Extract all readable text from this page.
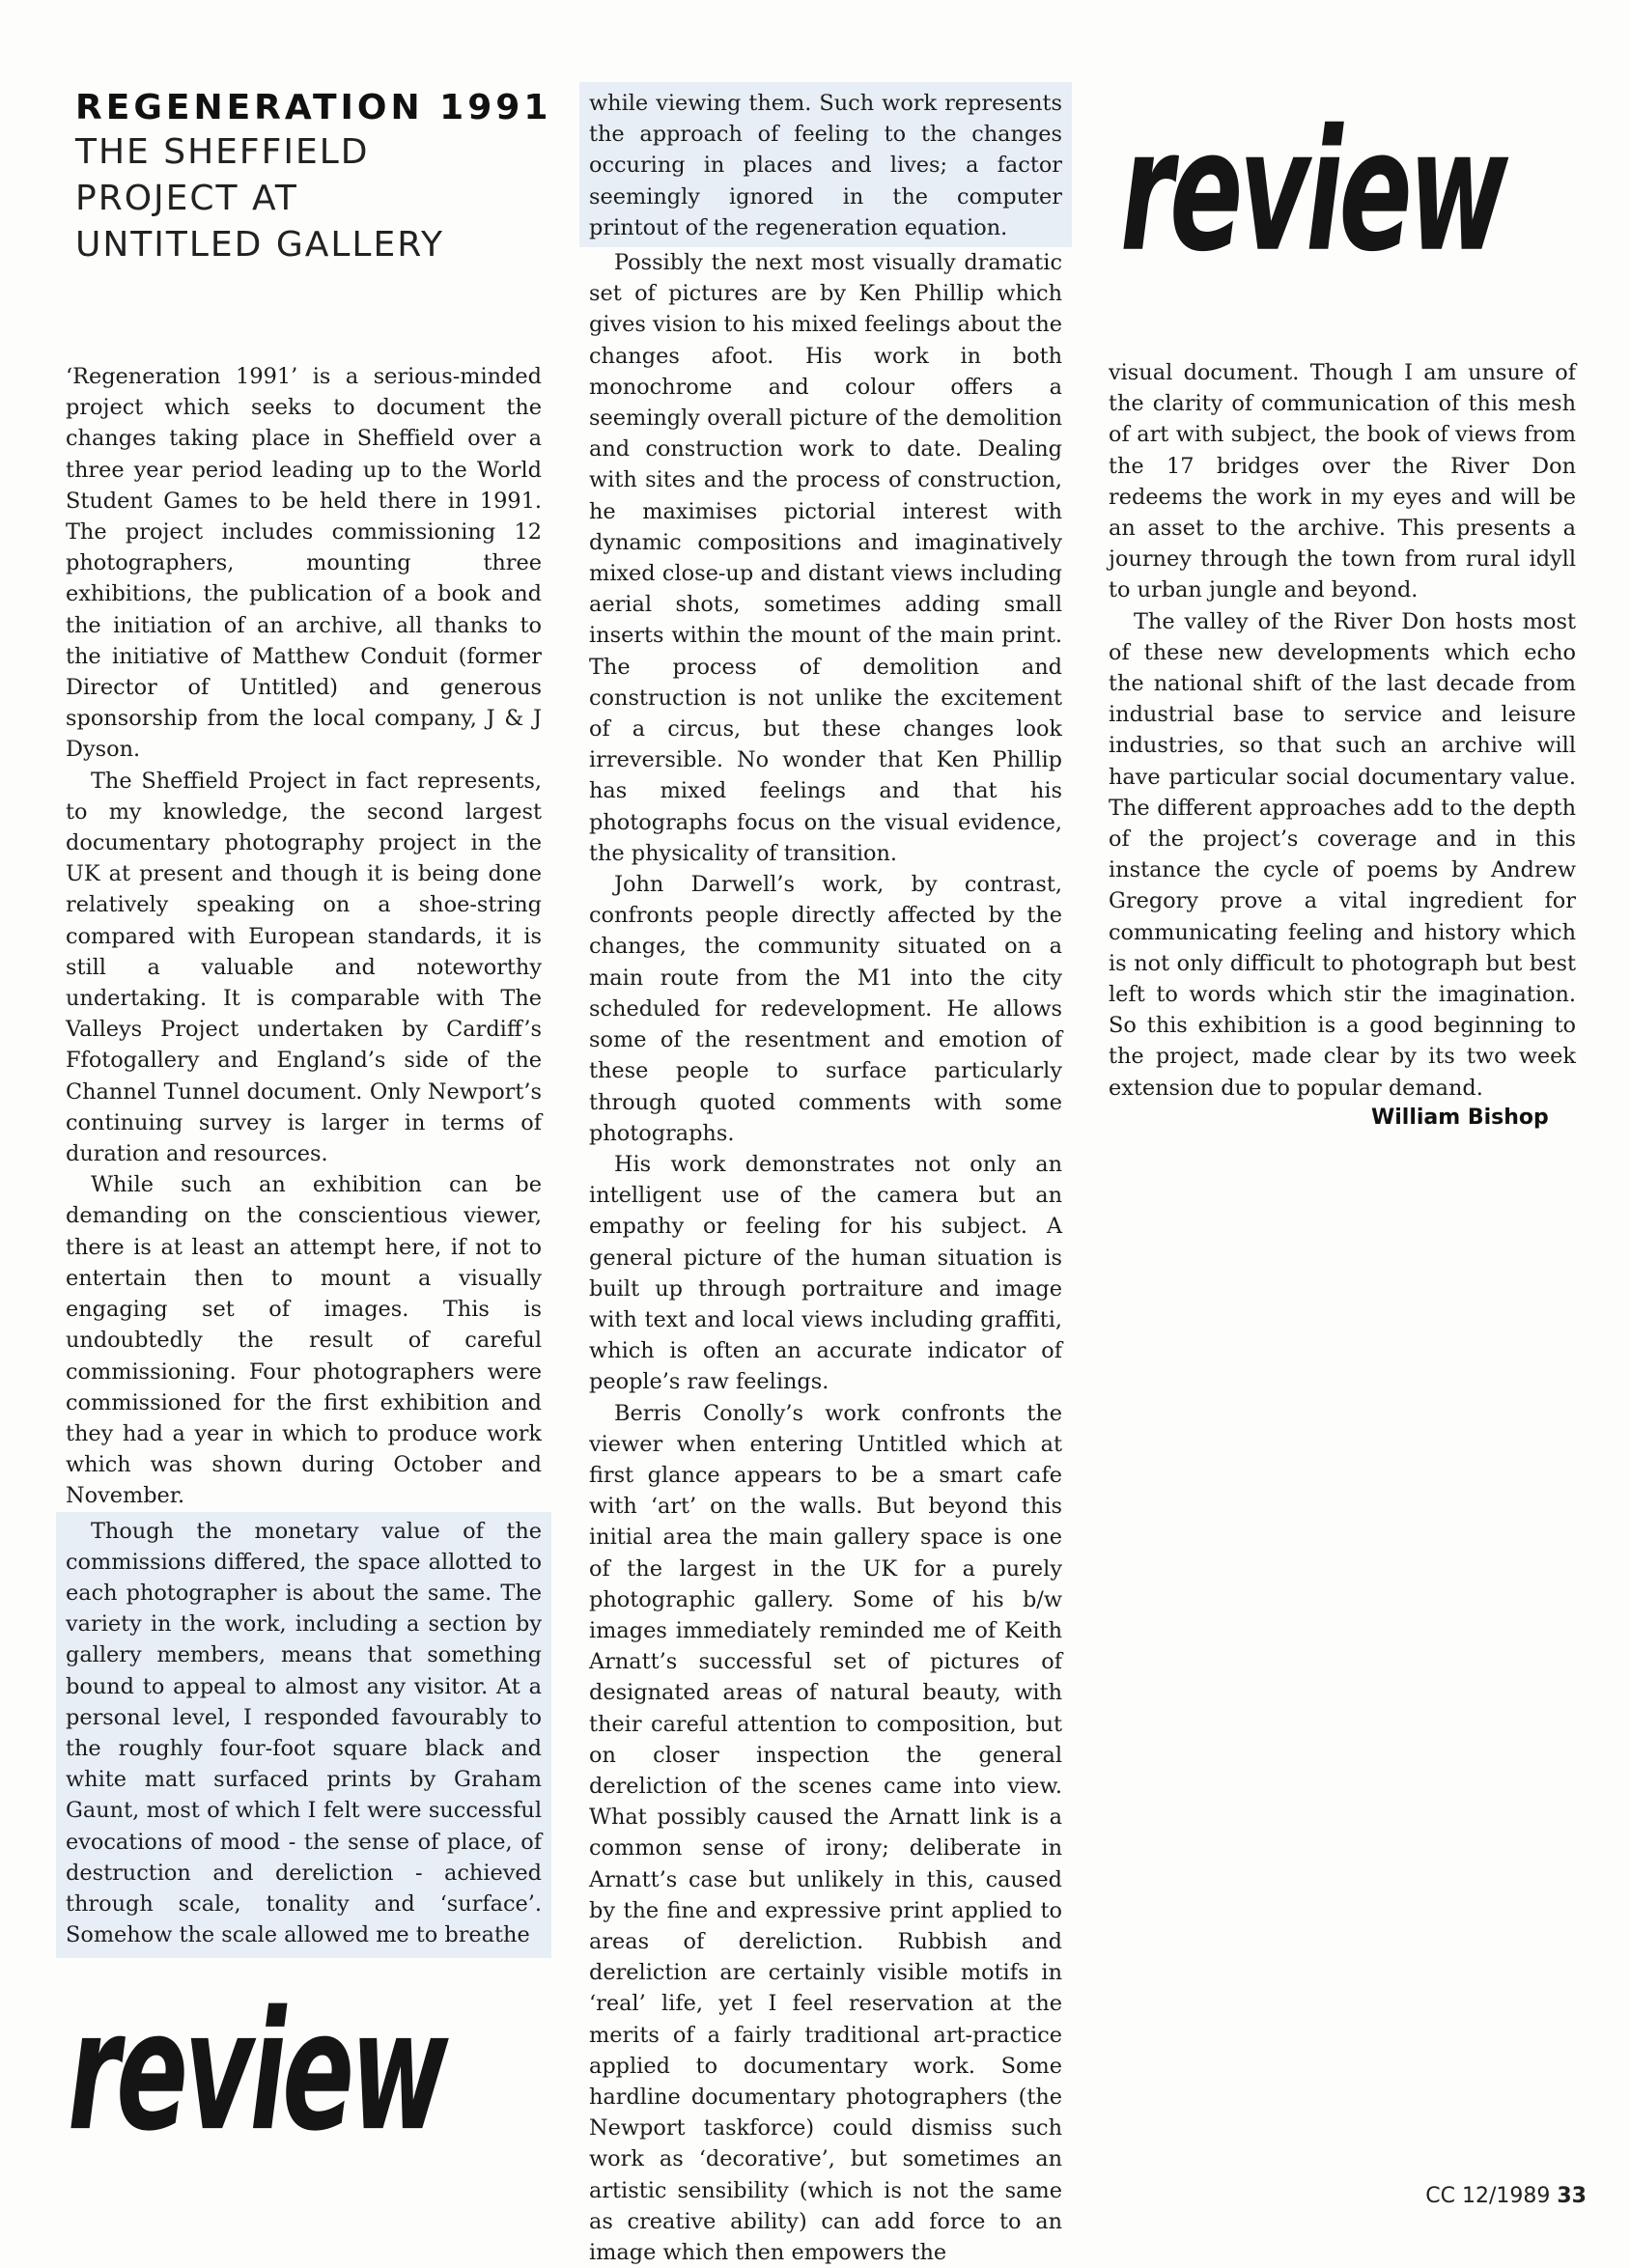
REGENERATION 1991
THE SHEFFIELD
PROJECT AT
UNTITLED GALLERY	review

‘Regeneration 1991’ is a serious-minded project which seeks to document the changes taking place in Sheffield over a three year period leading up to the World Student Games to be held there in 1991. The project includes commissioning 12 photographers, mounting three exhibitions, the publication of a book and the initiation of an archive, all thanks to the initiative of Matthew Conduit (former Director of Untitled) and generous sponsorship from the local company, J & J Dyson.

The Sheffield Project in fact represents, to my knowledge, the second largest documentary photography project in the UK at present and though it is being done relatively speaking on a shoe-string compared with European standards, it is still a valuable and noteworthy undertaking. It is comparable with The Valleys Project undertaken by Cardiff’s Ffotogallery and England’s side of the Channel Tunnel document. Only Newport’s continuing survey is larger in terms of duration and resources.

While such an exhibition can be demanding on the conscientious viewer, there is at least an attempt here, if not to entertain then to mount a visually engaging set of images. This is undoubtedly the result of careful commissioning. Four photographers were commissioned for the first exhibition and they had a year in which to produce work which was shown during October and November.

Though the monetary value of the commissions differed, the space allotted to each photographer is about the same. The variety in the work, including a section by gallery members, means that something bound to appeal to almost any visitor. At a personal level, I responded favourably to the roughly four-foot square black and white matt surfaced prints by Graham Gaunt, most of which I felt were successful evocations of mood - the sense of place, of destruction and dereliction - achieved through scale, tonality and ‘surface’. Somehow the scale allowed me to breathe

while viewing them. Such work represents the approach of feeling to the changes occuring in places and lives; a factor seemingly ignored in the computer printout of the regeneration equation.

Possibly the next most visually dramatic set of pictures are by Ken Phillip which gives vision to his mixed feelings about the changes afoot. His work in both monochrome and colour offers a seemingly overall picture of the demolition and construction work to date. Dealing with sites and the process of construction, he maximises pictorial interest with dynamic compositions and imaginatively mixed close-up and distant views including aerial shots, sometimes adding small inserts within the mount of the main print. The process of demolition and construction is not unlike the excitement of a circus, but these changes look irreversible. No wonder that Ken Phillip has mixed feelings and that his photographs focus on the visual evidence, the physicality of transition.

John Darwell’s work, by contrast, confronts people directly affected by the changes, the community situated on a main route from the M1 into the city scheduled for redevelopment. He allows some of the resentment and emotion of these people to surface particularly through quoted comments with some photographs.

His work demonstrates not only an intelligent use of the camera but an empathy or feeling for his subject. A general picture of the human situation is built up through portraiture and image with text and local views including graffiti, which is often an accurate indicator of people’s raw feelings.

Berris Conolly’s work confronts the viewer when entering Untitled which at first glance appears to be a smart cafe with ‘art’ on the walls. But beyond this initial area the main gallery space is one of the largest in the UK for a purely photographic gallery. Some of his b/w images immediately reminded me of Keith Arnatt’s successful set of pictures of designated areas of natural beauty, with their careful attention to composition, but on closer inspection the general dereliction of the scenes came into view. What possibly caused the Arnatt link is a common sense of irony; deliberate in Arnatt’s case but unlikely in this, caused by the fine and expressive print applied to areas of dereliction. Rubbish and dereliction are certainly visible motifs in ‘real’ life, yet I feel reservation at the merits of a fairly traditional art-practice applied to documentary work. Some hardline documentary photographers (the Newport taskforce) could dismiss such work as ‘decorative’, but sometimes an artistic sensibility (which is not the same as creative ability) can add force to an image which then empowers the

visual document. Though I am unsure of the clarity of communication of this mesh of art with subject, the book of views from the 17 bridges over the River Don redeems the work in my eyes and will be an asset to the archive. This presents a journey through the town from rural idyll to urban jungle and beyond.

The valley of the River Don hosts most of these new developments which echo the national shift of the last decade from industrial base to service and leisure industries, so that such an archive will have particular social documentary value. The different approaches add to the depth of the project’s coverage and in this instance the cycle of poems by Andrew Gregory prove a vital ingredient for communicating feeling and history which is not only difficult to photograph but best left to words which stir the imagination. So this exhibition is a good beginning to the project, made clear by its two week extension due to popular demand.

William Bishop
review
CC 12/1989 33
